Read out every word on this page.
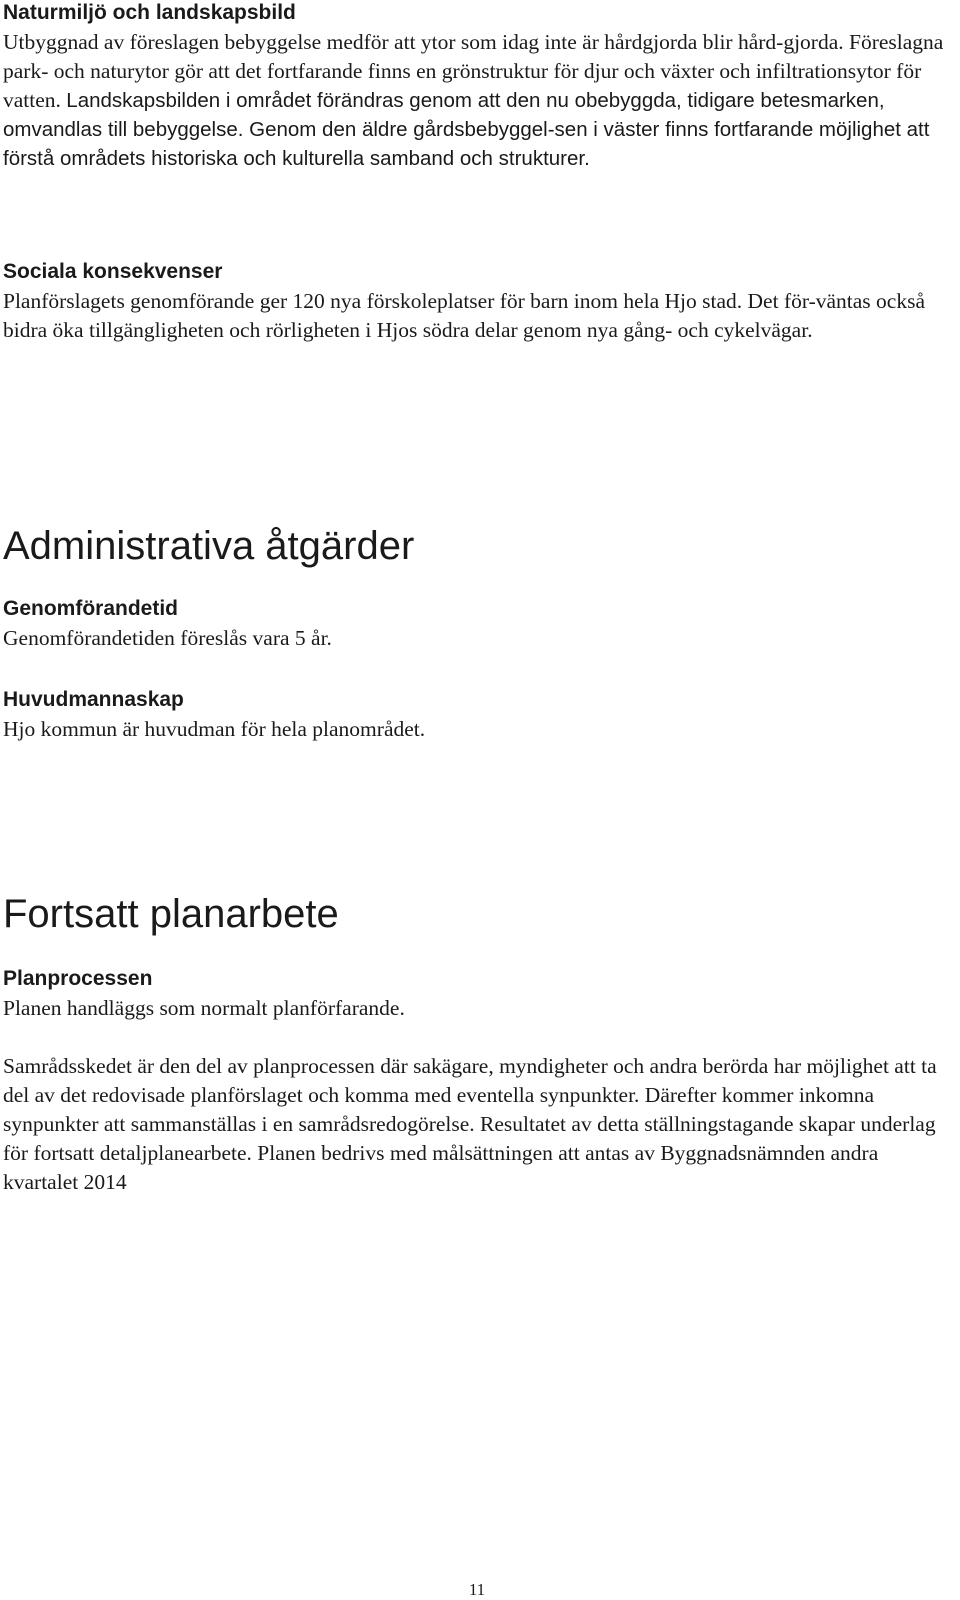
Naturmiljö och landskapsbild

Utbyggnad av föreslagen bebyggelse medför att ytor som idag inte är hårdgjorda blir hård-gjorda. Föreslagna park- och naturytor gör att det fortfarande finns en grönstruktur för djur och växter och infiltrationsytor för vatten. Landskapsbilden i området förändras genom att den nu obebyggda, tidigare betesmarken, omvandlas till bebyggelse. Genom den äldre gårdsbebyggel-sen i väster finns fortfarande möjlighet att förstå områdets historiska och kulturella samband och strukturer.

Sociala konsekvenser

Planförslagets genomförande ger 120 nya förskoleplatser för barn inom hela Hjo stad. Det för-väntas också bidra öka tillgängligheten och rörligheten i Hjos södra delar genom nya gång- och cykelvägar.

Administrativa åtgärder
Genomförandetid

Genomförandetiden föreslås vara 5 år.

Huvudmannaskap

Hjo kommun är huvudman för hela planområdet.

Fortsatt planarbete
Planprocessen

Planen handläggs som normalt planförfarande.

Samrådsskedet är den del av planprocessen där sakägare, myndigheter och andra berörda har möjlighet att ta del av det redovisade planförslaget och komma med eventella synpunkter. Därefter kommer inkomna synpunkter att sammanställas i en samrådsredogörelse. Resultatet av detta ställningstagande skapar underlag för fortsatt detaljplanearbete. Planen bedrivs med målsättningen att antas av Byggnadsnämnden andra kvartalet 2014

11
